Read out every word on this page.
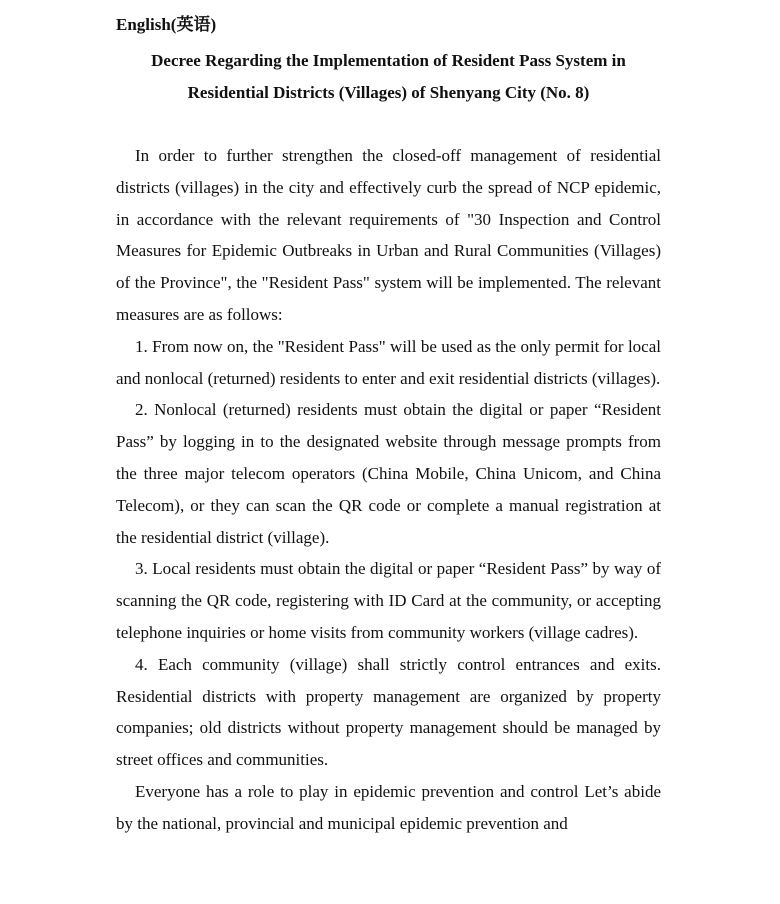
English(英语)
Decree Regarding the Implementation of Resident Pass System in Residential Districts (Villages) of Shenyang City (No. 8)

In order to further strengthen the closed-off management of residential districts (villages) in the city and effectively curb the spread of NCP epidemic, in accordance with the relevant requirements of "30 Inspection and Control Measures for Epidemic Outbreaks in Urban and Rural Communities (Villages) of the Province", the "Resident Pass" system will be implemented. The relevant measures are as follows:

1. From now on, the "Resident Pass" will be used as the only permit for local and nonlocal (returned) residents to enter and exit residential districts (villages).

2. Nonlocal (returned) residents must obtain the digital or paper “Resident Pass” by logging in to the designated website through message prompts from the three major telecom operators (China Mobile, China Unicom, and China Telecom), or they can scan the QR code or complete a manual registration at the residential district (village).

3. Local residents must obtain the digital or paper “Resident Pass” by way of scanning the QR code, registering with ID Card at the community, or accepting telephone inquiries or home visits from community workers (village cadres).

4. Each community (village) shall strictly control entrances and exits. Residential districts with property management are organized by property companies; old districts without property management should be managed by street offices and communities.

Everyone has a role to play in epidemic prevention and control Let’s abide by the national, provincial and municipal epidemic prevention and
